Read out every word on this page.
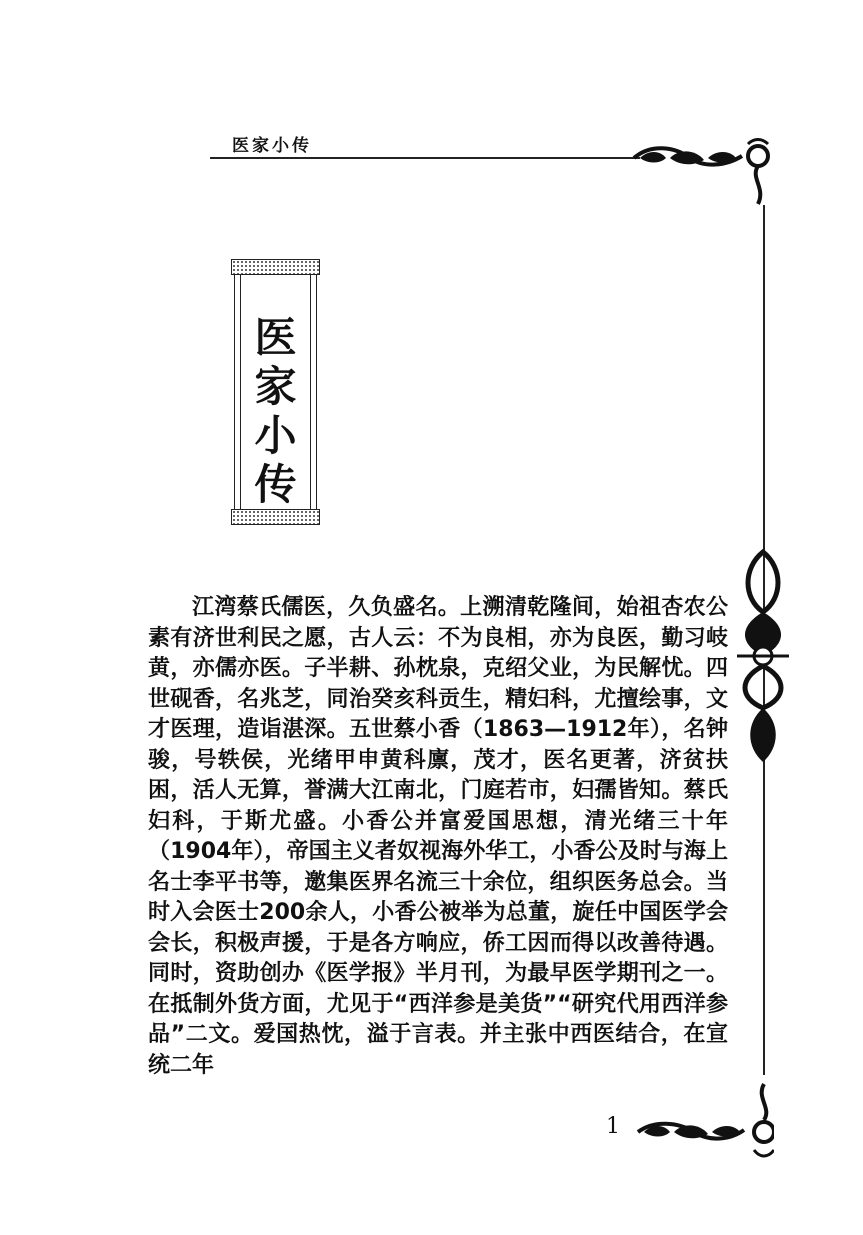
医家小传
医
家
小
传

江湾蔡氏儒医，久负盛名。上溯清乾隆间，始祖杏农公素有济世利民之愿，古人云：不为良相，亦为良医，勤习岐黄，亦儒亦医。子半耕、孙枕泉，克绍父业，为民解忧。四世砚香，名兆芝，同治癸亥科贡生，精妇科，尤擅绘事，文才医理，造诣湛深。五世蔡小香（1863—1912年），名钟骏，号轶侯，光绪甲申黄科廪，茂才，医名更著，济贫扶困，活人无算，誉满大江南北，门庭若市，妇孺皆知。蔡氏妇科，于斯尤盛。小香公并富爱国思想，清光绪三十年（1904年），帝国主义者奴视海外华工，小香公及时与海上名士李平书等，邀集医界名流三十余位，组织医务总会。当时入会医士200余人，小香公被举为总董，旋任中国医学会会长，积极声援，于是各方响应，侨工因而得以改善待遇。同时，资助创办《医学报》半月刊，为最早医学期刊之一。在抵制外货方面，尤见于“西洋参是美货”“研究代用西洋参品”二文。爱国热忱，溢于言表。并主张中西医结合，在宣统二年

1
